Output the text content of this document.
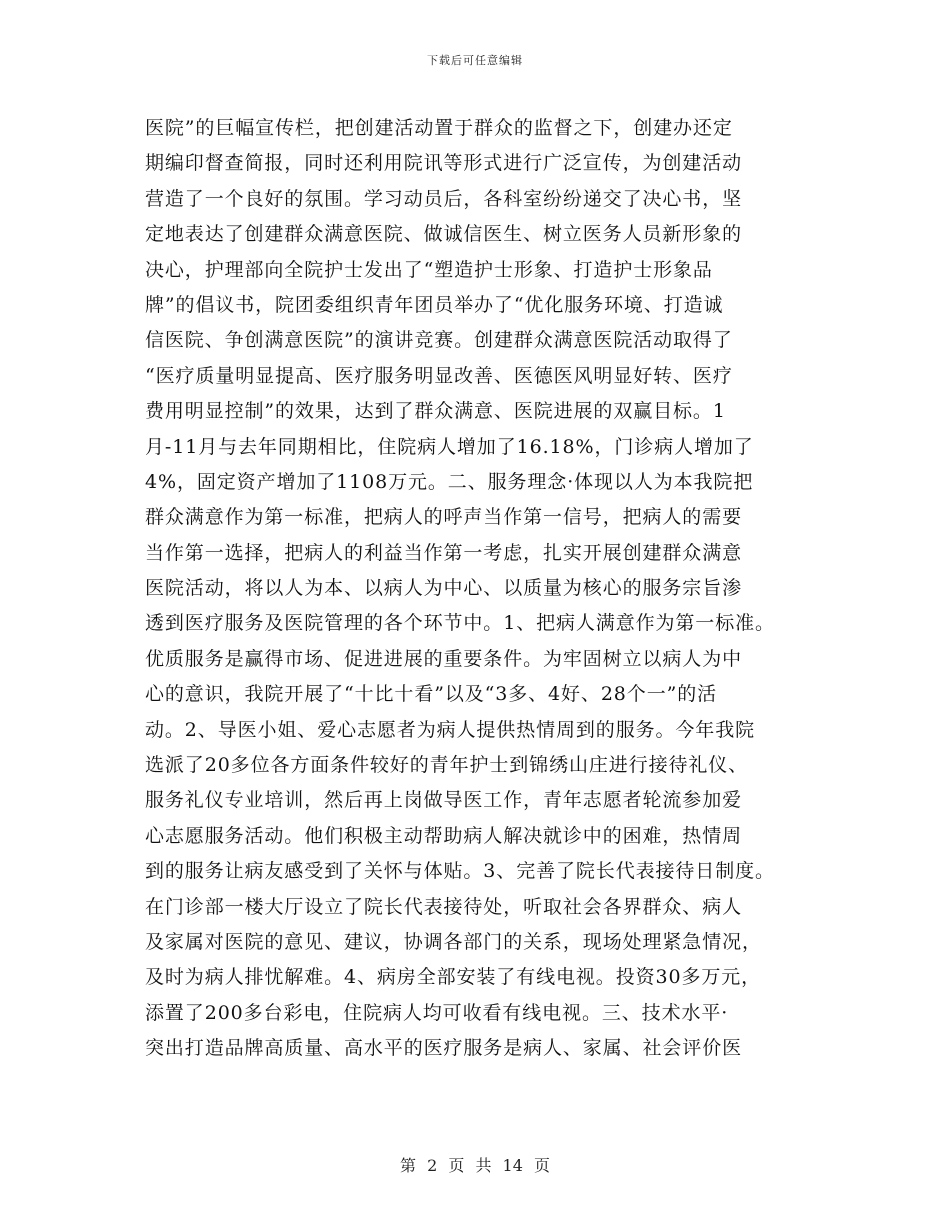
下载后可任意编辑
医院”的巨幅宣传栏，把创建活动置于群众的监督之下，创建办还定
期编印督查简报，同时还利用院讯等形式进行广泛宣传，为创建活动
营造了一个良好的氛围。学习动员后，各科室纷纷递交了决心书，坚
定地表达了创建群众满意医院、做诚信医生、树立医务人员新形象的
决心，护理部向全院护士发出了“塑造护士形象、打造护士形象品
牌”的倡议书，院团委组织青年团员举办了“优化服务环境、打造诚
信医院、争创满意医院”的演讲竞赛。创建群众满意医院活动取得了
“医疗质量明显提高、医疗服务明显改善、医德医风明显好转、医疗
费用明显控制”的效果，达到了群众满意、医院进展的双赢目标。1
月-11月与去年同期相比，住院病人增加了16.18%，门诊病人增加了
4%，固定资产增加了1108万元。二、服务理念·体现以人为本我院把
群众满意作为第一标准，把病人的呼声当作第一信号，把病人的需要
当作第一选择，把病人的利益当作第一考虑，扎实开展创建群众满意
医院活动，将以人为本、以病人为中心、以质量为核心的服务宗旨渗
透到医疗服务及医院管理的各个环节中。1、把病人满意作为第一标准。
优质服务是赢得市场、促进进展的重要条件。为牢固树立以病人为中
心的意识，我院开展了“十比十看”以及“3多、4好、28个一”的活
动。2、导医小姐、爱心志愿者为病人提供热情周到的服务。今年我院
选派了20多位各方面条件较好的青年护士到锦绣山庄进行接待礼仪、
服务礼仪专业培训，然后再上岗做导医工作，青年志愿者轮流参加爱
心志愿服务活动。他们积极主动帮助病人解决就诊中的困难，热情周
到的服务让病友感受到了关怀与体贴。3、完善了院长代表接待日制度。
在门诊部一楼大厅设立了院长代表接待处，听取社会各界群众、病人
及家属对医院的意见、建议，协调各部门的关系，现场处理紧急情况，
及时为病人排忧解难。4、病房全部安装了有线电视。投资30多万元，
添置了200多台彩电，住院病人均可收看有线电视。三、技术水平·
突出打造品牌高质量、高水平的医疗服务是病人、家属、社会评价医
第 2 页 共 14 页
